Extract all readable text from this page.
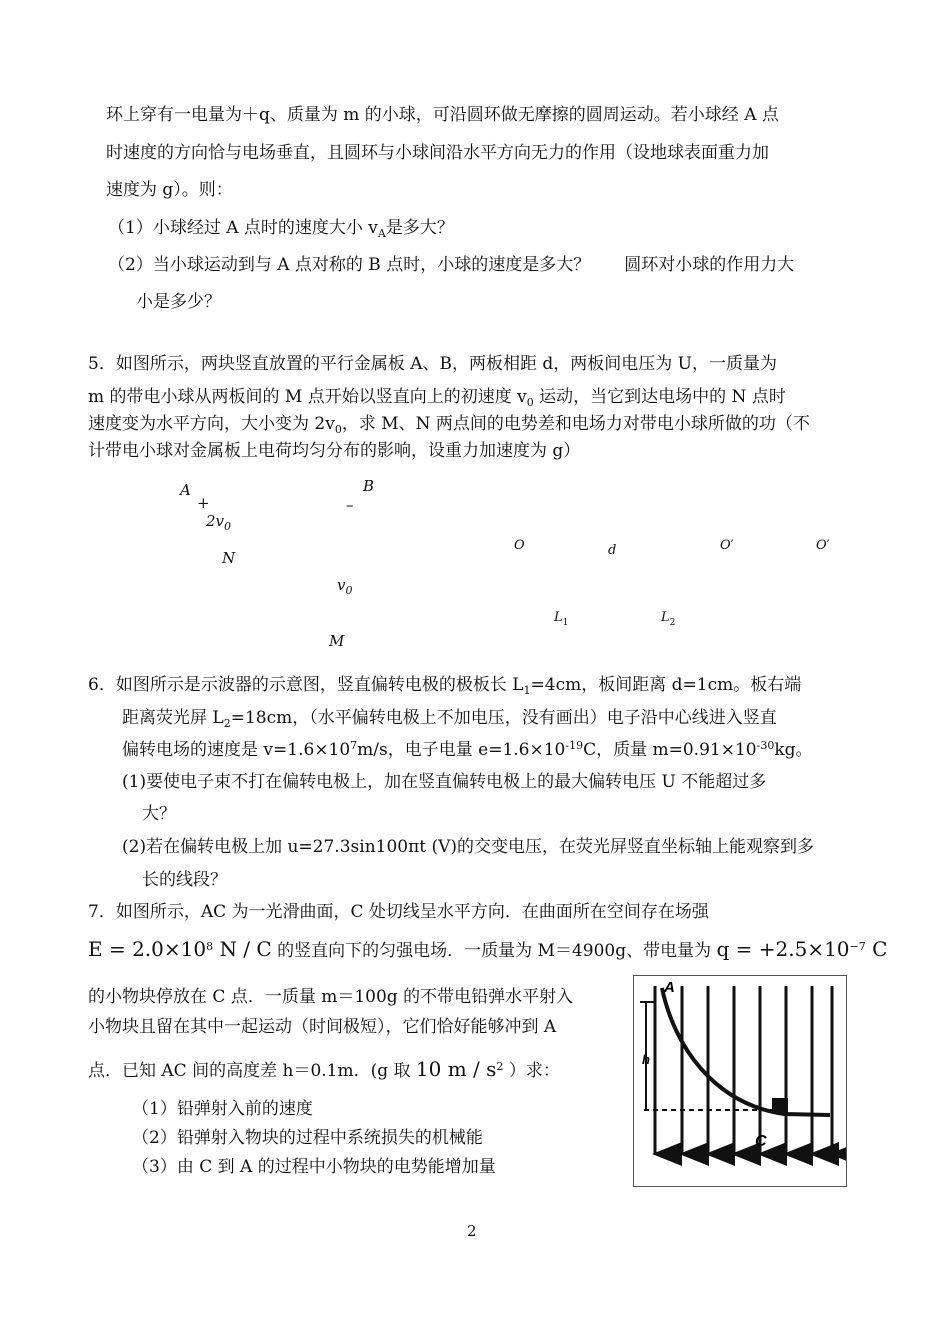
环上穿有一电量为＋q、质量为 m 的小球，可沿圆环做无摩擦的圆周运动。若小球经 A 点
时速度的方向恰与电场垂直，且圆环与小球间沿水平方向无力的作用（设地球表面重力加
速度为 g）。则：
（1）小球经过 A 点时的速度大小 $v_A$是多大？
（2）当小球运动到与 A 点对称的 B 点时，小球的速度是多大？　　圆环对小球的作用力大
小是多少？
5．如图所示，两块竖直放置的平行金属板 A、B，两板相距 d，两板间电压为 U，一质量为
m 的带电小球从两板间的 M 点开始以竖直向上的初速度 $v_0$ 运动，当它到达电场中的 N 点时
速度变为水平方向，大小变为 $2v_0$，求 M、N 两点间的电势差和电场力对带电小球所做的功（不
计带电小球对金属板上电荷均匀分布的影响，设重力加速度为 g）
A
+
B
–
$2v_0$
N
$v_0$
M
O	d	O′	O′
$L_1$	$L_2$
6．如图所示是示波器的示意图，竖直偏转电极的极板长 $L_1=4cm$，板间距离 d=1cm。板右端
距离荧光屏 $L_2=18cm$，（水平偏转电极上不加电压，没有画出）电子沿中心线进入竖直
偏转电场的速度是 $v=1.6\times 10^7m/s$，电子电量 $e=1.6\times 10^{-19}C$，质量 $m=0.91\times 10^{-30}kg$。
(1)要使电子束不打在偏转电极上，加在竖直偏转电极上的最大偏转电压 U 不能超过多
大？
(2)若在偏转电极上加 u=27.3sin100πt (V)的交变电压，在荧光屏竖直坐标轴上能观察到多
长的线段？
7．如图所示，AC 为一光滑曲面，C 处切线呈水平方向．在曲面所在空间存在场强
$E = 2.0\times 10^8$ N / C 的竖直向下的匀强电场．一质量为 M＝4900g、带电量为 $q = +2.5\times 10^{-7}$ C
的小物块停放在 C 点．一质量 m＝100g 的不带电铅弹水平射入
小物块且留在其中一起运动（时间极短），它们恰好能够冲到 A
点．已知 AC 间的高度差 h＝0.1m．(g 取 10 m / $s^2$ ）求：
（1）铅弹射入前的速度
（2）铅弹射入物块的过程中系统损失的机械能
（3）由 C 到 A 的过程中小物块的电势能增加量
A
h
C
2
